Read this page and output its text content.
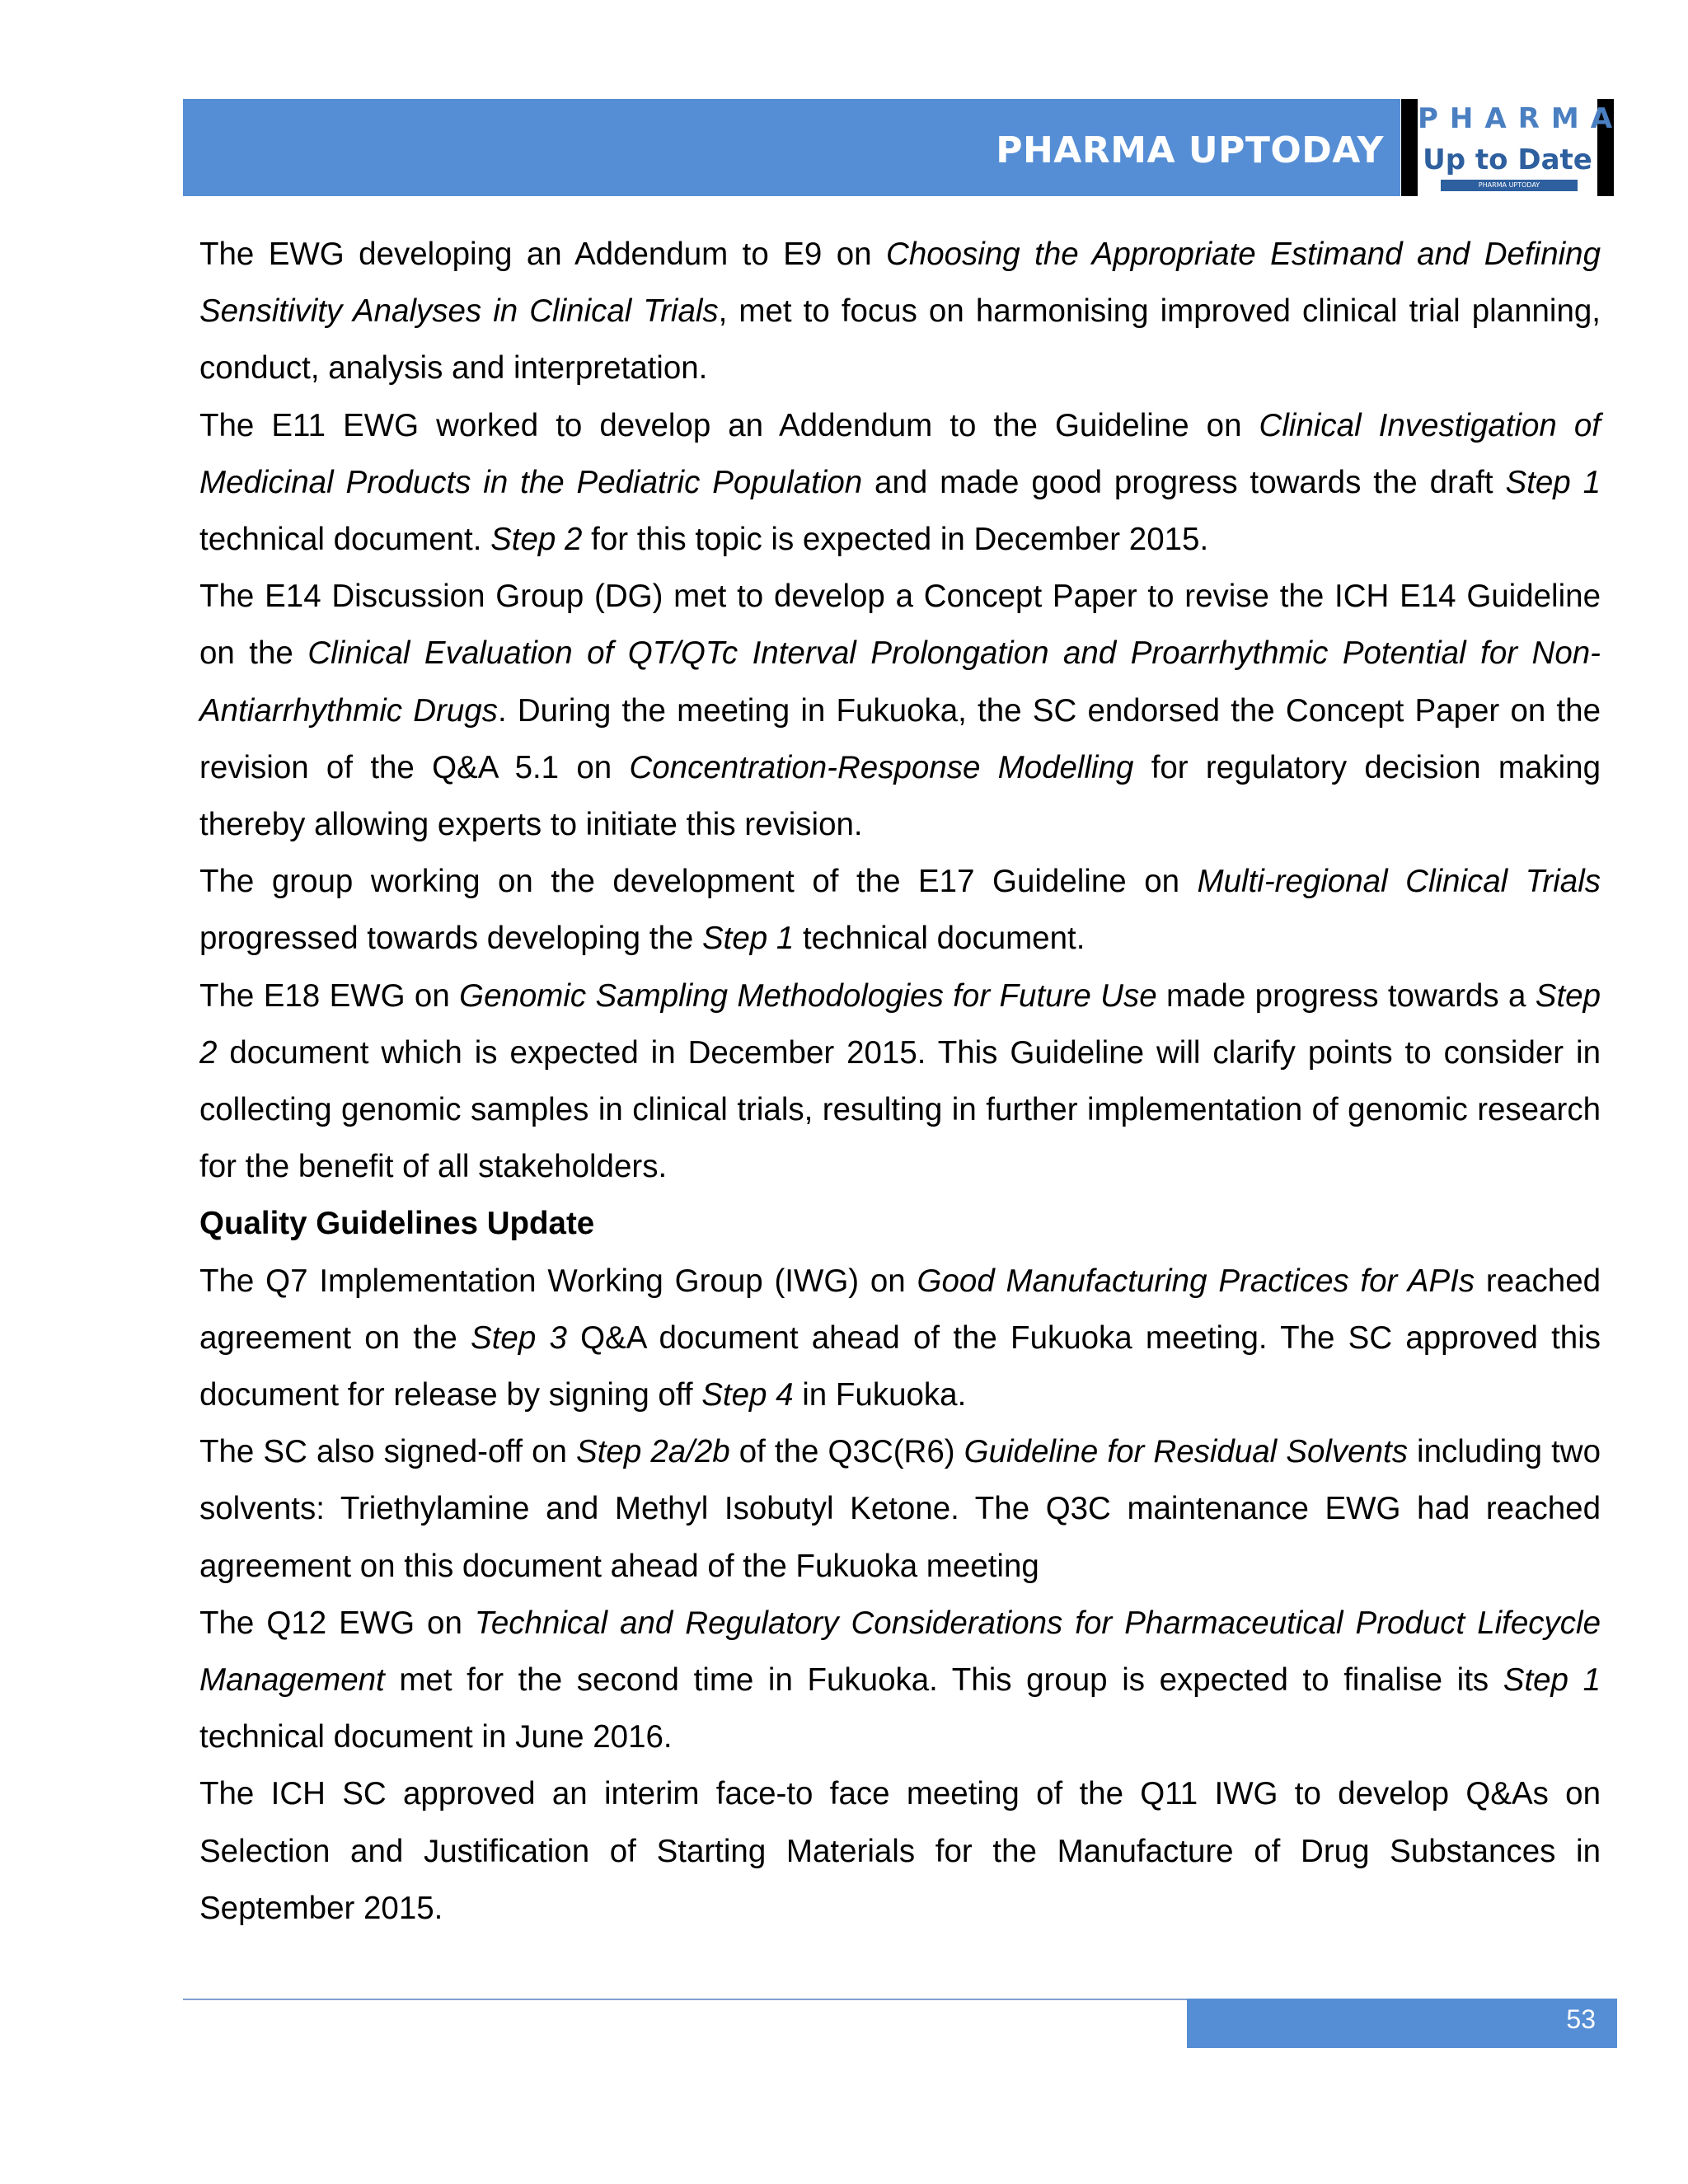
PHARMA UPTODAY
PHARMA
Up to Date
PHARMA UPTODAY

The EWG developing an Addendum to E9 on Choosing the Appropriate Estimand and Defining Sensitivity Analyses in Clinical Trials, met to focus on harmonising improved clinical trial planning, conduct, analysis and interpretation.

The E11 EWG worked to develop an Addendum to the Guideline on Clinical Investigation of Medicinal Products in the Pediatric Population and made good progress towards the draft Step 1 technical document. Step 2 for this topic is expected in December 2015.

The E14 Discussion Group (DG) met to develop a Concept Paper to revise the ICH E14 Guideline on the Clinical Evaluation of QT/QTc Interval Prolongation and Proarrhythmic Potential for Non-Antiarrhythmic Drugs. During the meeting in Fukuoka, the SC endorsed the Concept Paper on the revision of the Q&A 5.1 on Concentration-Response Modelling for regulatory decision making thereby allowing experts to initiate this revision.

The group working on the development of the E17 Guideline on Multi-regional Clinical Trials progressed towards developing the Step 1 technical document.

The E18 EWG on Genomic Sampling Methodologies for Future Use made progress towards a Step 2 document which is expected in December 2015. This Guideline will clarify points to consider in collecting genomic samples in clinical trials, resulting in further implementation of genomic research for the benefit of all stakeholders.

Quality Guidelines Update

The Q7 Implementation Working Group (IWG) on Good Manufacturing Practices for APIs reached agreement on the Step 3 Q&A document ahead of the Fukuoka meeting. The SC approved this document for release by signing off Step 4 in Fukuoka.

The SC also signed-off on Step 2a/2b of the Q3C(R6) Guideline for Residual Solvents including two solvents: Triethylamine and Methyl Isobutyl Ketone. The Q3C maintenance EWG had reached agreement on this document ahead of the Fukuoka meeting

The Q12 EWG on Technical and Regulatory Considerations for Pharmaceutical Product Lifecycle Management met for the second time in Fukuoka. This group is expected to finalise its Step 1 technical document in June 2016.

The ICH SC approved an interim face-to face meeting of the Q11 IWG to develop Q&As on Selection and Justification of Starting Materials for the Manufacture of Drug Substances in September 2015.

53
